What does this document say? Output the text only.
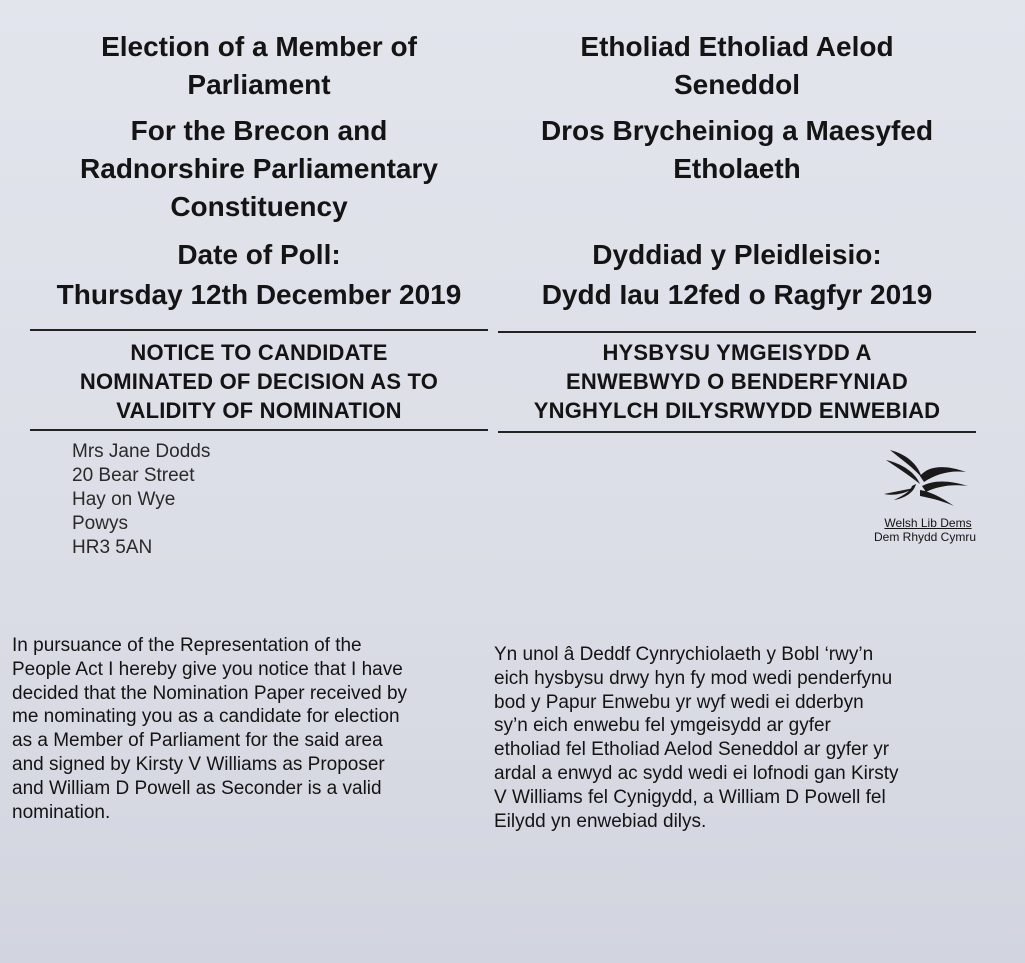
Election of a Member of
Parliament
For the Brecon and
Radnorshire Parliamentary
Constituency
Date of Poll:
Thursday 12th December 2019
NOTICE TO CANDIDATE
NOMINATED OF DECISION AS TO
VALIDITY OF NOMINATION
Etholiad Etholiad Aelod
Seneddol
Dros Brycheiniog a Maesyfed
Etholaeth
Dyddiad y Pleidleisio:
Dydd Iau 12fed o Ragfyr 2019
HYSBYSU YMGEISYDD A
ENWEBWYD O BENDERFYNIAD
YNGHYLCH DILYSRWYDD ENWEBIAD
Mrs Jane Dodds
20 Bear Street
Hay on Wye
Powys
HR3 5AN
Welsh Lib Dems
Dem Rhydd Cymru
In pursuance of the Representation of the
People Act I hereby give you notice that I have
decided that the Nomination Paper received by
me nominating you as a candidate for election
as a Member of Parliament for the said area
and signed by Kirsty V Williams as Proposer
and William D Powell as Seconder is a valid
nomination.
Yn unol â Deddf Cynrychiolaeth y Bobl ‘rwy’n
eich hysbysu drwy hyn fy mod wedi penderfynu
bod y Papur Enwebu yr wyf wedi ei dderbyn
sy’n eich enwebu fel ymgeisydd ar gyfer
etholiad fel Etholiad Aelod Seneddol ar gyfer yr
ardal a enwyd ac sydd wedi ei lofnodi gan Kirsty
V Williams fel Cynigydd, a William D Powell fel
Eilydd yn enwebiad dilys.
